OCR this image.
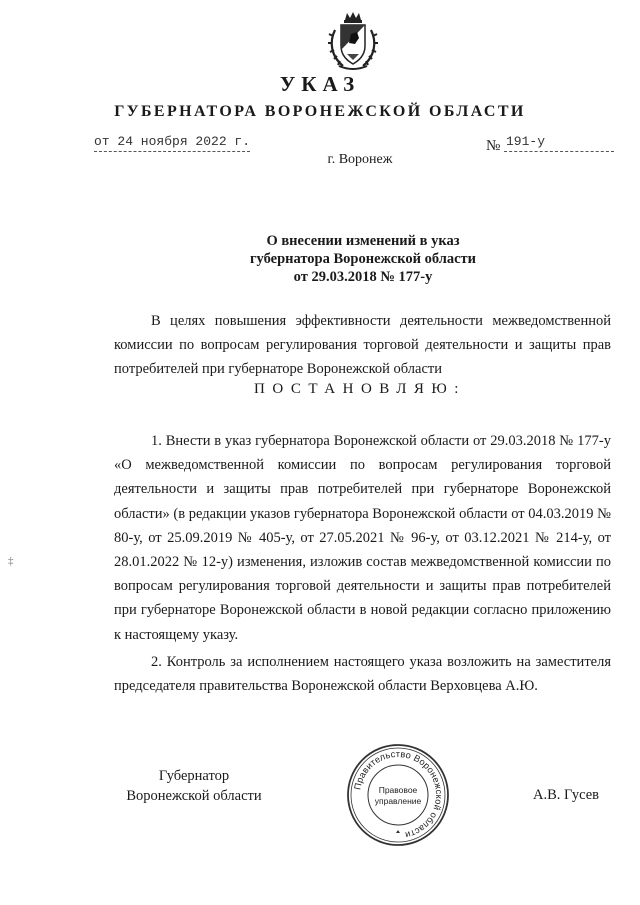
УКАЗ
ГУБЕРНАТОРА ВОРОНЕЖСКОЙ ОБЛАСТИ
от 24 ноября 2022 г.	№ 191-у
г. Воронеж
О внесении изменений в указ
губернатора Воронежской области
от 29.03.2018 № 177-у
В целях повышения эффективности деятельности межведомственной комиссии по вопросам регулирования торговой деятельности и защиты прав потребителей при губернаторе Воронежской области
ПОСТАНОВЛЯЮ:
1. Внести в указ губернатора Воронежской области от 29.03.2018 № 177-у «О межведомственной комиссии по вопросам регулирования торговой деятельности и защиты прав потребителей при губернаторе Воронежской области» (в редакции указов губернатора Воронежской области от 04.03.2019 № 80-у, от 25.09.2019 № 405-у, от 27.05.2021 № 96-у, от 03.12.2021 № 214-у, от 28.01.2022 № 12-у) изменения, изложив состав межведомственной комиссии по вопросам регулирования торговой деятельности и защиты прав потребителей при губернаторе Воронежской области в новой редакции согласно приложению к настоящему указу.
2. Контроль за исполнением настоящего указа возложить на заместителя председателя правительства Воронежской области Верховцева А.Ю.
Губернатор
Воронежской области
Правительство Воронежской области
Правовое
управление	А.В. Гусев
‡
